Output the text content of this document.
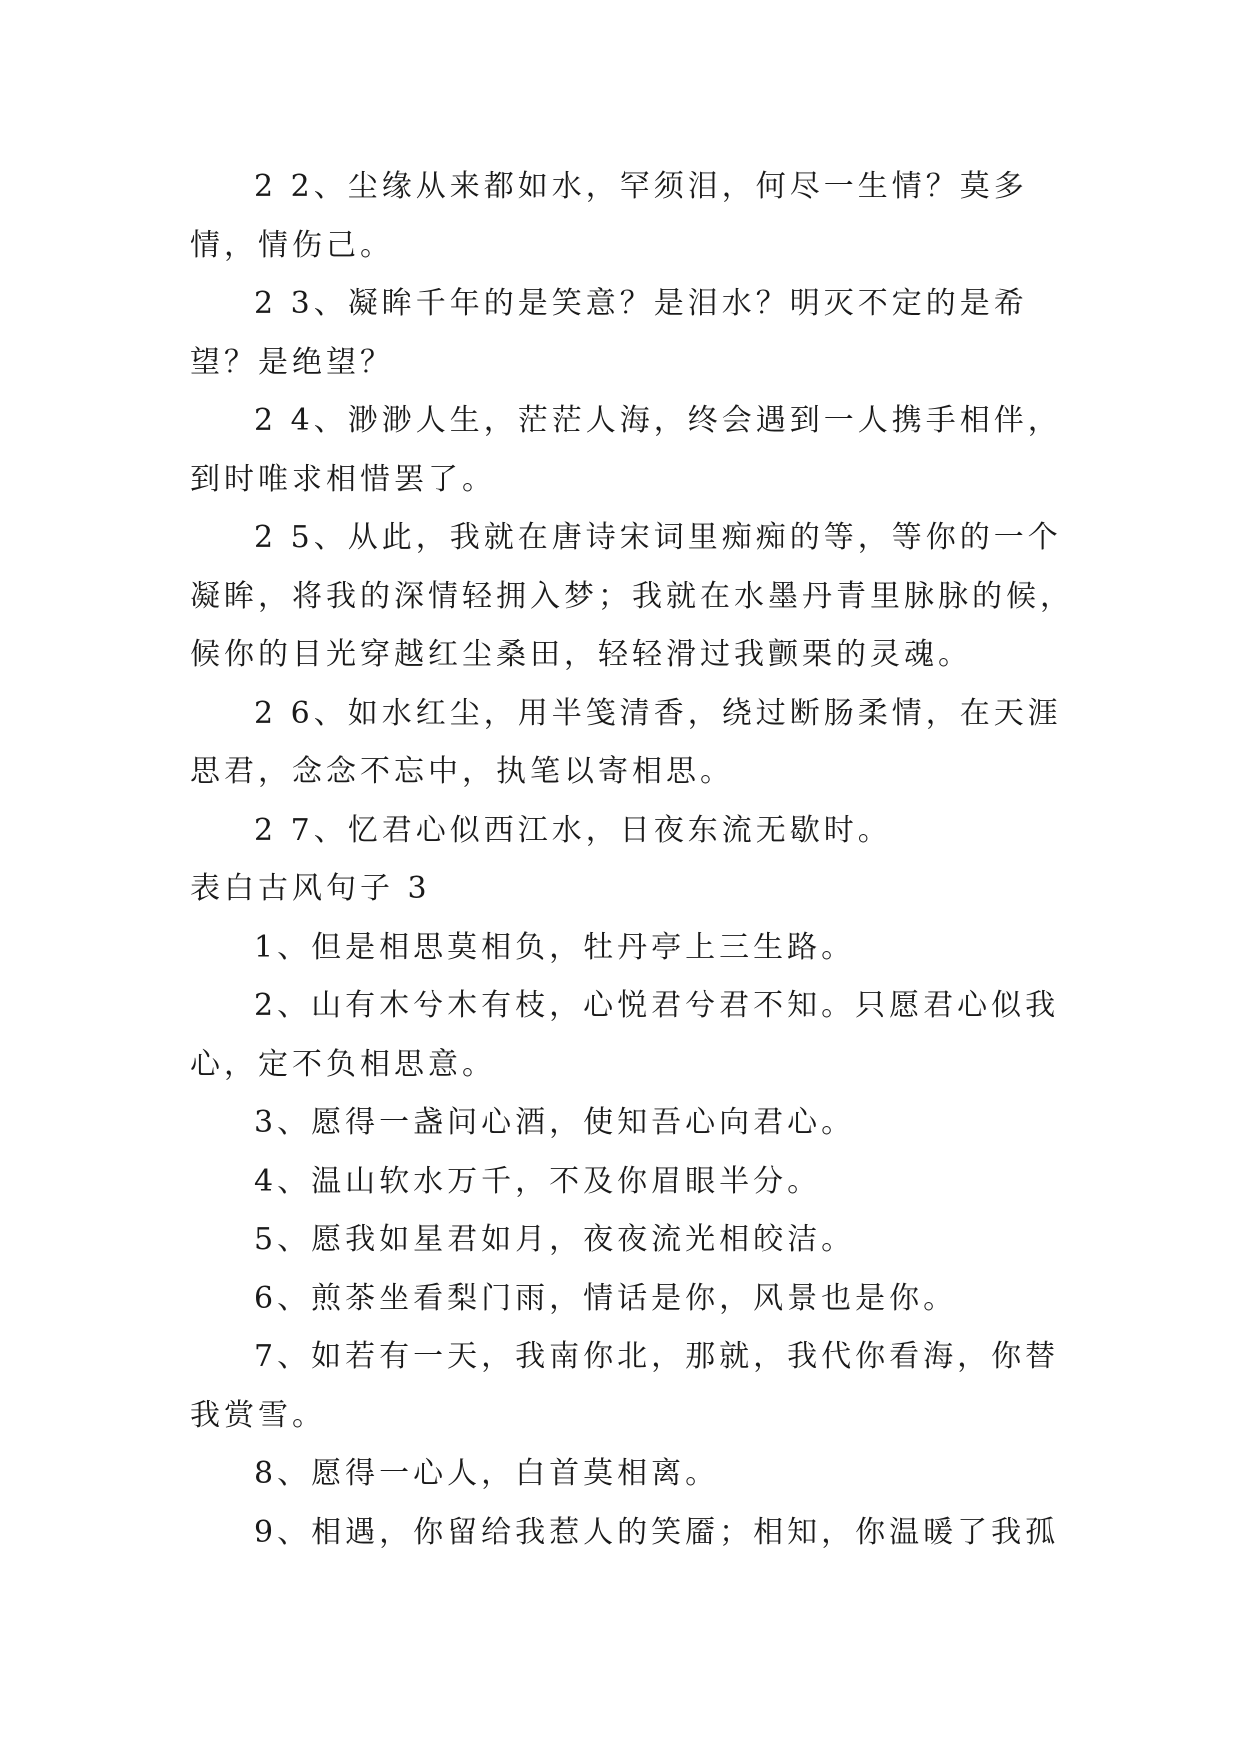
2 2、尘缘从来都如水，罕须泪，何尽一生情？莫多情，情伤己。

2 3、凝眸千年的是笑意？是泪水？明灭不定的是希望？是绝望？

2 4、渺渺人生，茫茫人海，终会遇到一人携手相伴，到时唯求相惜罢了。

2 5、从此，我就在唐诗宋词里痴痴的等，等你的一个凝眸，将我的深情轻拥入梦；我就在水墨丹青里脉脉的候，候你的目光穿越红尘桑田，轻轻滑过我颤栗的灵魂。

2 6、如水红尘，用半笺清香，绕过断肠柔情，在天涯思君，念念不忘中，执笔以寄相思。

2 7、忆君心似西江水，日夜东流无歇时。

表白古风句子 3

1、但是相思莫相负，牡丹亭上三生路。

2、山有木兮木有枝，心悦君兮君不知。只愿君心似我心，定不负相思意。

3、愿得一盏问心酒，使知吾心向君心。

4、温山软水万千，不及你眉眼半分。

5、愿我如星君如月，夜夜流光相皎洁。

6、煎茶坐看梨门雨，情话是你，风景也是你。

7、如若有一天，我南你北，那就，我代你看海，你替我赏雪。

8、愿得一心人，白首莫相离。

9、相遇，你留给我惹人的笑靥；相知，你温暖了我孤
